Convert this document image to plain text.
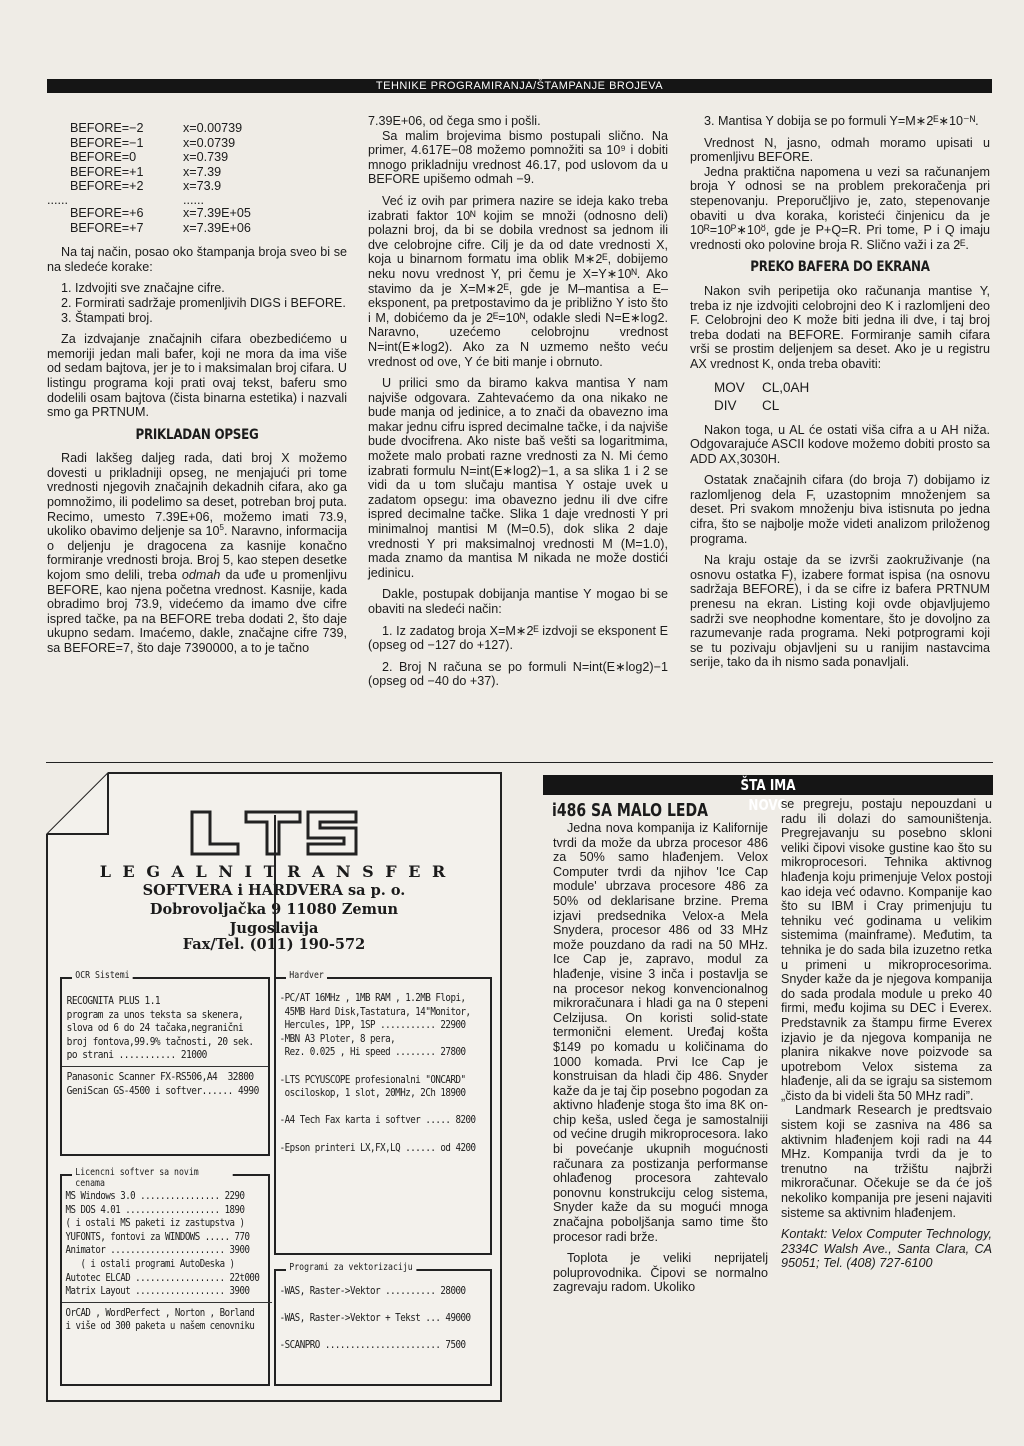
TEHNIKE PROGRAMIRANJA/ŠTAMPANJE BROJEVA
BEFORE=−2	x=0.00739
BEFORE=−1	x=0.0739
BEFORE=0	x=0.739
BEFORE=+1	x=7.39
BEFORE=+2	x=73.9
......	......
BEFORE=+6	x=7.39E+05
BEFORE=+7	x=7.39E+06

Na taj način, posao oko štampanja broja sveo bi se na sledeće korake:

1. Izdvojiti sve značajne cifre.

2. Formirati sadržaje promenljivih DIGS i BEFORE.

3. Štampati broj.

Za izdvajanje značajnih cifara obezbedićemo u memoriji jedan mali bafer, koji ne mora da ima više od sedam bajtova, jer je to i maksimalan broj cifara. U listingu programa koji prati ovaj tekst, baferu smo dodelili osam bajtova (čista binarna estetika) i nazvali smo ga PRTNUM.

PRIKLADAN OPSEG

Radi lakšeg daljeg rada, dati broj X možemo dovesti u prikladniji opseg, ne menjajući pri tome vrednosti njegovih značajnih dekadnih cifara, ako ga pomnožimo, ili podelimo sa deset, potreban broj puta. Recimo, umesto 7.39E+06, možemo imati 73.9, ukoliko obavimo deljenje sa $10^5$. Naravno, informacija o deljenju je dragocena za kasnije konačno formiranje vrednosti broja. Broj 5, kao stepen desetke kojom smo delili, treba odmah da uđe u promenljivu BEFORE, kao njena početna vrednost. Kasnije, kada obradimo broj 73.9, videćemo da imamo dve cifre ispred tačke, pa na BEFORE treba dodati 2, što daje ukupno sedam. Imaćemo, dakle, značajne cifre 739, sa BEFORE=7, što daje 7390000, a to je tačno

7.39E+06, od čega smo i pošli.

Sa malim brojevima bismo postupali slično. Na primer, 4.617E−08 možemo pomnožiti sa 10⁹ i dobiti mnogo prikladniju vrednost 46.17, pod uslovom da u BEFORE upišemo odmah −9.

Već iz ovih par primera nazire se ideja kako treba izabrati faktor 10ᴺ kojim se množi (odnosno deli) polazni broj, da bi se dobila vrednost sa jednom ili dve celobrojne cifre. Cilj je da od date vrednosti X, koja u binarnom formatu ima oblik M∗2ᴱ, dobijemo neku novu vrednost Y, pri čemu je X=Y∗10ᴺ. Ako stavimo da je X=M∗2ᴱ, gde je M–mantisa a E–eksponent, pa pretpostavimo da je približno Y isto što i M, dobićemo da je 2ᴱ=10ᴺ, odakle sledi N=E∗log2. Naravno, uzećemo celobrojnu vrednost N=int(E∗log2). Ako za N uzmemo nešto veću vrednost od ove, Y će biti manje i obrnuto.

U prilici smo da biramo kakva mantisa Y nam najviše odgovara. Zahtevaćemo da ona nikako ne bude manja od jedinice, a to znači da obavezno ima makar jednu cifru ispred decimalne tačke, i da najviše bude dvocifrena. Ako niste baš vešti sa logaritmima, možete malo probati razne vrednosti za N. Mi ćemo izabrati formulu N=int(E∗log2)−1, a sa slika 1 i 2 se vidi da u tom slučaju mantisa Y ostaje uvek u zadatom opsegu: ima obavezno jednu ili dve cifre ispred decimalne tačke. Slika 1 daje vrednosti Y pri minimalnoj mantisi M (M=0.5), dok slika 2 daje vrednosti Y pri maksimalnoj vrednosti M (M=1.0), mada znamo da mantisa M nikada ne može dostići jedinicu.

Dakle, postupak dobijanja mantise Y mogao bi se obaviti na sledeći način:

1. Iz zadatog broja X=M∗2ᴱ izdvoji se eksponent E (opseg od −127 do +127).

2. Broj N računa se po formuli N=int(E∗log2)−1 (opseg od −40 do +37).

3. Mantisa Y dobija se po formuli Y=M∗2ᴱ∗10⁻ᴺ.

Vrednost N, jasno, odmah moramo upisati u promenljivu BEFORE.

Jedna praktična napomena u vezi sa računanjem broja Y odnosi se na problem prekoračenja pri stepenovanju. Preporučljivo je, zato, stepenovanje obaviti u dva koraka, koristeći činjenicu da je 10ᴿ=10ᴾ∗10ᴽ, gde je P+Q=R. Pri tome, P i Q imaju vrednosti oko polovine broja R. Slično važi i za 2ᴱ.

PREKO BAFERA DO EKRANA

Nakon svih peripetija oko računanja mantise Y, treba iz nje izdvojiti celobrojni deo K i razlomljeni deo F. Celobrojni deo K može biti jedna ili dve, i taj broj treba dodati na BEFORE. Formiranje samih cifara vrši se prostim deljenjem sa deset. Ako je u registru AX vrednost K, onda treba obaviti:

MOV CL,0AH
DIV CL

Nakon toga, u AL će ostati viša cifra a u AH niža. Odgovarajuće ASCII kodove možemo dobiti prosto sa ADD AX,3030H.

Ostatak značajnih cifara (do broja 7) dobijamo iz razlomljenog dela F, uzastopnim množenjem sa deset. Pri svakom množenju biva istisnuta po jedna cifra, što se najbolje može videti analizom priloženog programa.

Na kraju ostaje da se izvrši zaokruživanje (na osnovu ostatka F), izabere format ispisa (na osnovu sadržaja BEFORE), i da se cifre iz bafera PRTNUM prenesu na ekran. Listing koji ovde objavljujemo sadrži sve neophodne komentare, što je dovoljno za razumevanje rada programa. Neki potprogrami koji se tu pozivaju objavljeni su u ranijim nastavcima serije, tako da ih nismo sada ponavljali.

L E G A L N I T R A N S F E R
SOFTVERA i HARDVERA sa p. o.
Dobrovoljačka 9 11080 Zemun
Jugoslavija
Fax/Tel. (011) 190-572
OCR Sistemi
RECOGNITA PLUS 1.1
program za unos teksta sa skenera,
slova od 6 do 24 tačaka,negranični
broj fontova,99.9% tačnosti, 20 sek.
po strani ........... 21000
Panasonic Scanner FX-RS506,A4  32800
GeniScan GS-4500 i softver...... 4990
Licencni softver sa novim cenama
MS Windows 3.0 ................ 2290
MS DOS 4.01 ................... 1890
( i ostali MS paketi iz zastupstva )
YUFONTS, fontovi za WINDOWS ..... 770
Animator ....................... 3900
( i ostali programi AutoDeska )
Autotec ELCAD .................. 22t000
Matrix Layout .................. 3900
OrCAD , WordPerfect , Norton , Borland
i više od 300 paketa u našem cenovniku
Hardver
-PC/AT 16MHz , 1MB RAM , 1.2MB Flopi,
45MB Hard Disk,Tastatura, 14"Monitor,
Hercules, 1PP, 1SP ........... 22900
-MBN A3 Ploter, 8 pera,
Rez. 0.025 , Hi speed ........ 27800

-LTS PCYUSCOPE profesionalni "ONCARD"
osciloskop, 1 slot, 20MHz, 2Ch 18900

-A4 Tech Fax karta i softver ..... 8200

-Epson printeri LX,FX,LQ ...... od 4200
Programi za vektorizaciju
-WAS, Raster->Vektor .......... 28000

-WAS, Raster->Vektor + Tekst ... 49000

-SCANPRO ....................... 7500
ŠTA IMA NOVO
i486 SA MALO LEDA

Jedna nova kompanija iz Kalifornije tvrdi da može da ubrza procesor 486 za 50% samo hlađenjem. Velox Computer tvrdi da njihov 'Ice Cap module' ubrzava procesore 486 za 50% od deklarisane brzine. Prema izjavi predsednika Velox-a Mela Snydera, procesor 486 od 33 MHz može pouzdano da radi na 50 MHz. Ice Cap je, zapravo, modul za hlađenje, visine 3 inča i postavlja se na procesor nekog konvencionalnog mikroračunara i hladi ga na 0 stepeni Celzijusa. On koristi solid-state termonični element. Uređaj košta $149 po komadu u količinama do 1000 komada. Prvi Ice Cap je konstruisan da hladi čip 486. Snyder kaže da je taj čip posebno pogodan za aktivno hlađenje stoga što ima 8K on-chip keša, usled čega je samostalniji od većine drugih mikroprocesora. Iako bi povećanje ukupnih mogućnosti računara za postizanja performanse ohlađenog procesora zahtevalo ponovnu konstrukciju celog sistema, Snyder kaže da su mogući mnoga značajna poboljšanja samo time što procesor radi brže.

Toplota je veliki neprijatelj poluprovodnika. Čipovi se normalno zagrevaju radom. Ukoliko

se pregreju, postaju nepouzdani u radu ili dolazi do samouništenja. Pregrejavanju su posebno skloni veliki čipovi visoke gustine kao što su mikroprocesori. Tehnika aktivnog hlađenja koju primenjuje Velox postoji kao ideja već odavno. Kompanije kao što su IBM i Cray primenjuju tu tehniku već godinama u velikim sistemima (mainframe). Međutim, ta tehnika je do sada bila izuzetno retka u primeni u mikroprocesorima. Snyder kaže da je njegova kompanija do sada prodala module u preko 40 firmi, među kojima su DEC i Everex. Predstavnik za štampu firme Everex izjavio je da njegova kompanija ne planira nikakve nove poizvode sa upotrebom Velox sistema za hlađenje, ali da se igraju sa sistemom „čisto da bi videli šta 50 MHz radi”.

Landmark Research je predtsvaio sistem koji se zasniva na 486 sa aktivnim hlađenjem koji radi na 44 MHz. Kompanija tvrdi da je to trenutno na tržištu najbrži mikroračunar. Očekuje se da će još nekoliko kompanija pre jeseni najaviti sisteme sa aktivnim hlađenjem.

Kontakt: Velox Computer Technology, 2334C Walsh Ave., Santa Clara, CA 95051; Tel. (408) 727-6100
